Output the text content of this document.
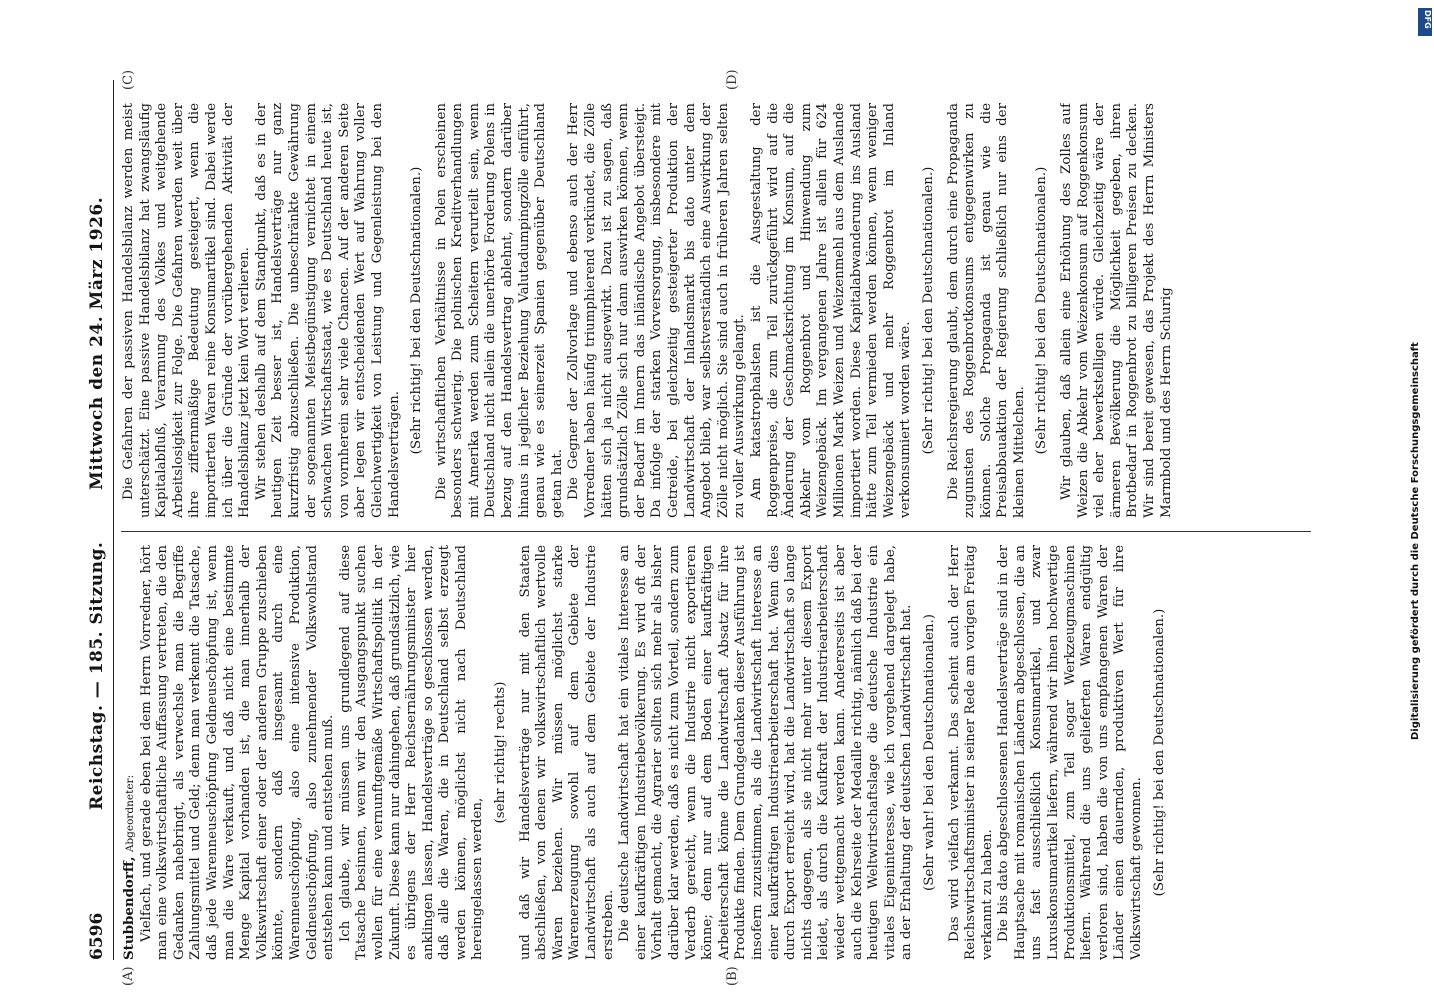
6596
Reichstag. — 185. Sitzung.
Mittwoch den 24. März 1926.

Stubbendorff, Abgeordneter: Vielfach, und gerade eben bei dem Herrn Vorredner, hört man eine volkswirtschaftliche Auffassung vertreten, die den Gedanken nahebringt, als verwechsle man die Begriffe Zahlungsmittel und Geld; denn man verkennt die Tatsache, daß jede Warenneuschöpfung Geldneuschöpfung ist, wenn man die Ware verkauft, und daß nicht eine bestimmte Menge Kapital vorhanden ist, die man innerhalb der Volkswirtschaft einer oder der anderen Gruppe zuschieben könnte, sondern daß insgesamt durch eine Warenneuschöpfung, also eine intensive Produktion, Geldneuschöpfung, also zunehmender Volkswohlstand entstehen kann und entstehen muß. Ich glaube, wir müssen uns grundlegend auf diese Tatsache besinnen, wenn wir den Ausgangspunkt suchen wollen für eine vernunftgemäße Wirtschaftspolitik in der Zukunft. Diese kann nur dahingehen, daß grundsätzlich, wie es übrigens der Herr Reichsernährungsminister hier anklingen lassen, Handelsverträge so geschlossen werden, daß alle die Waren, die in Deutschland selbst erzeugt werden können, möglichst nicht nach Deutschland hereingelassen werden,

(sehr richtig! rechts) und daß wir Handelsverträge nur mit den Staaten abschließen, von denen wir volkswirtschaftlich wertvolle Waren beziehen. Wir müssen möglichst starke Warenerzeugung sowohl auf dem Gebiete der Landwirtschaft als auch auf dem Gebiete der Industrie erstreben. Die deutsche Landwirtschaft hat ein vitales Interesse an einer kaufkräftigen Industriebevölkerung. Es wird oft der Vorhalt gemacht, die Agrarier sollten sich mehr als bisher darüber klar werden, daß es nicht zum Vorteil, sondern zum Verderb gereicht, wenn die Industrie nicht exportieren könne; denn nur auf dem Boden einer kaufkräftigen Arbeiterschaft könne die Landwirtschaft Absatz für ihre Produkte finden. Dem Grundgedanken dieser Ausführung ist insofern zuzustimmen, als die Landwirtschaft Interesse an einer kaufkräftigen Industriearbeiterschaft hat. Wenn dies durch Export erreicht wird, hat die Landwirtschaft so lange nichts dagegen, als sie nicht mehr unter diesem Export leidet, als durch die Kaufkraft der Industriearbeiterschaft wieder wettgemacht werden kann. Andererseits ist aber auch die Kehrseite der Medaille richtig, nämlich daß bei der heutigen Weltwirtschaftslage die deutsche Industrie ein vitales Eigeninteresse, wie ich vorgehend dargelegt habe, an der Erhaltung der deutschen Landwirtschaft hat. (Sehr wahr! bei den Deutschnationalen.) Das wird vielfach verkannt. Das scheint auch der Herr Reichswirtschaftsminister in seiner Rede am vorigen Freitag verkannt zu haben. Die bis dato abgeschlossenen Handelsverträge sind in der Hauptsache mit romanischen Ländern abgeschlossen, die an uns fast ausschließlich Konsumartikel, und zwar Luxuskonsumartikel liefern, während wir ihnen hochwertige Produktionsmittel, zum Teil sogar Werkzeugmaschinen liefern. Während die uns gelieferten Waren endgültig verloren sind, haben die von uns empfangenen Waren der Länder einen dauernden, produktiven Wert für ihre Volkswirtschaft gewonnen. (Sehr richtig! bei den Deutschnationalen.)

Die Gefahren der passiven Handelsbilanz werden meist unterschätzt. Eine passive Handelsbilanz hat zwangsläufig Kapitalabfluß, Verarmung des Volkes und weitgehende Arbeitslosigkeit zur Folge. Die Gefahren werden weit über ihre ziffernmäßige Bedeutung gesteigert, wenn die importierten Waren reine Konsumartikel sind. Dabei werde ich über die Gründe der vorübergehenden Aktivität der Handelsbilanz jetzt kein Wort verlieren. Wir stehen deshalb auf dem Standpunkt, daß es in der heutigen Zeit besser ist, Handelsverträge nur ganz kurzfristig abzuschließen. Die unbeschränkte Gewährung der sogenannten Meistbegünstigung vernichtet in einem schwachen Wirtschaftsstaat, wie es Deutschland heute ist, von vornherein sehr viele Chancen. Auf der anderen Seite aber legen wir entscheidenden Wert auf Wahrung voller Gleichwertigkeit von Leistung und Gegenleistung bei den Handelsverträgen.

(Sehr richtig! bei den Deutschnationalen.) Die wirtschaftlichen Verhältnisse in Polen erscheinen besonders schwierig. Die polnischen Kreditverhandlungen mit Amerika werden zum Scheitern verurteilt sein, wenn Deutschland nicht allein die unerhörte Forderung Polens in bezug auf den Handelsvertrag ablehnt, sondern darüber hinaus in jeglicher Beziehung Valutadumpingzölle einführt, genau wie es seinerzeit Spanien gegenüber Deutschland getan hat. Die Gegner der Zollvorlage und ebenso auch der Herr Vorredner haben häufig triumphierend verkündet, die Zölle hätten sich ja nicht ausgewirkt. Dazu ist zu sagen, daß grundsätzlich Zölle sich nur dann auswirken können, wenn der Bedarf im Innern das inländische Angebot übersteigt. Da infolge der starken Vorversorgung, insbesondere mit Getreide, bei gleichzeitig gesteigerter Produktion der Landwirtschaft der Inlandsmarkt bis dato unter dem Angebot blieb, war selbstverständlich eine Auswirkung der Zölle nicht möglich. Sie sind auch in früheren Jahren selten zu voller Auswirkung gelangt. Am katastrophalsten ist die Ausgestaltung der Roggenpreise, die zum Teil zurückgeführt wird auf die Änderung der Geschmacksrichtung im Konsum, auf die Abkehr vom Roggenbrot und Hinwendung zum Weizengebäck. Im vergangenen Jahre ist allein für 624 Millionen Mark Weizen und Weizenmehl aus dem Auslande importiert worden. Diese Kapitalabwanderung ins Ausland hätte zum Teil vermieden werden können, wenn weniger Weizengebäck und mehr Roggenbrot im Inland verkonsumiert worden wäre. (Sehr richtig! bei den Deutschnationalen.) Die Reichsregierung glaubt, dem durch eine Propaganda zugunsten des Roggenbrotkonsums entgegenwirken zu können. Solche Propaganda ist genau wie die Preisabbauaktion der Regierung schließlich nur eins der kleinen Mittelchen. (Sehr richtig! bei den Deutschnationalen.) Wir glauben, daß allein eine Erhöhung des Zolles auf Weizen die Abkehr vom Weizenkonsum auf Roggenkonsum viel eher bewerkstelligen würde. Gleichzeitig wäre der ärmeren Bevölkerung die Möglichkeit gegeben, ihren Brotbedarf in Roggenbrot zu billigeren Preisen zu decken. Wir sind bereit gewesen, das Projekt des Herrn Ministers Marmbold und des Herrn Schurig

(A)	(B)
(C)	(D)
Digitalisierung gefördert durch die Deutsche Forschungsgemeinschaft
DFG
